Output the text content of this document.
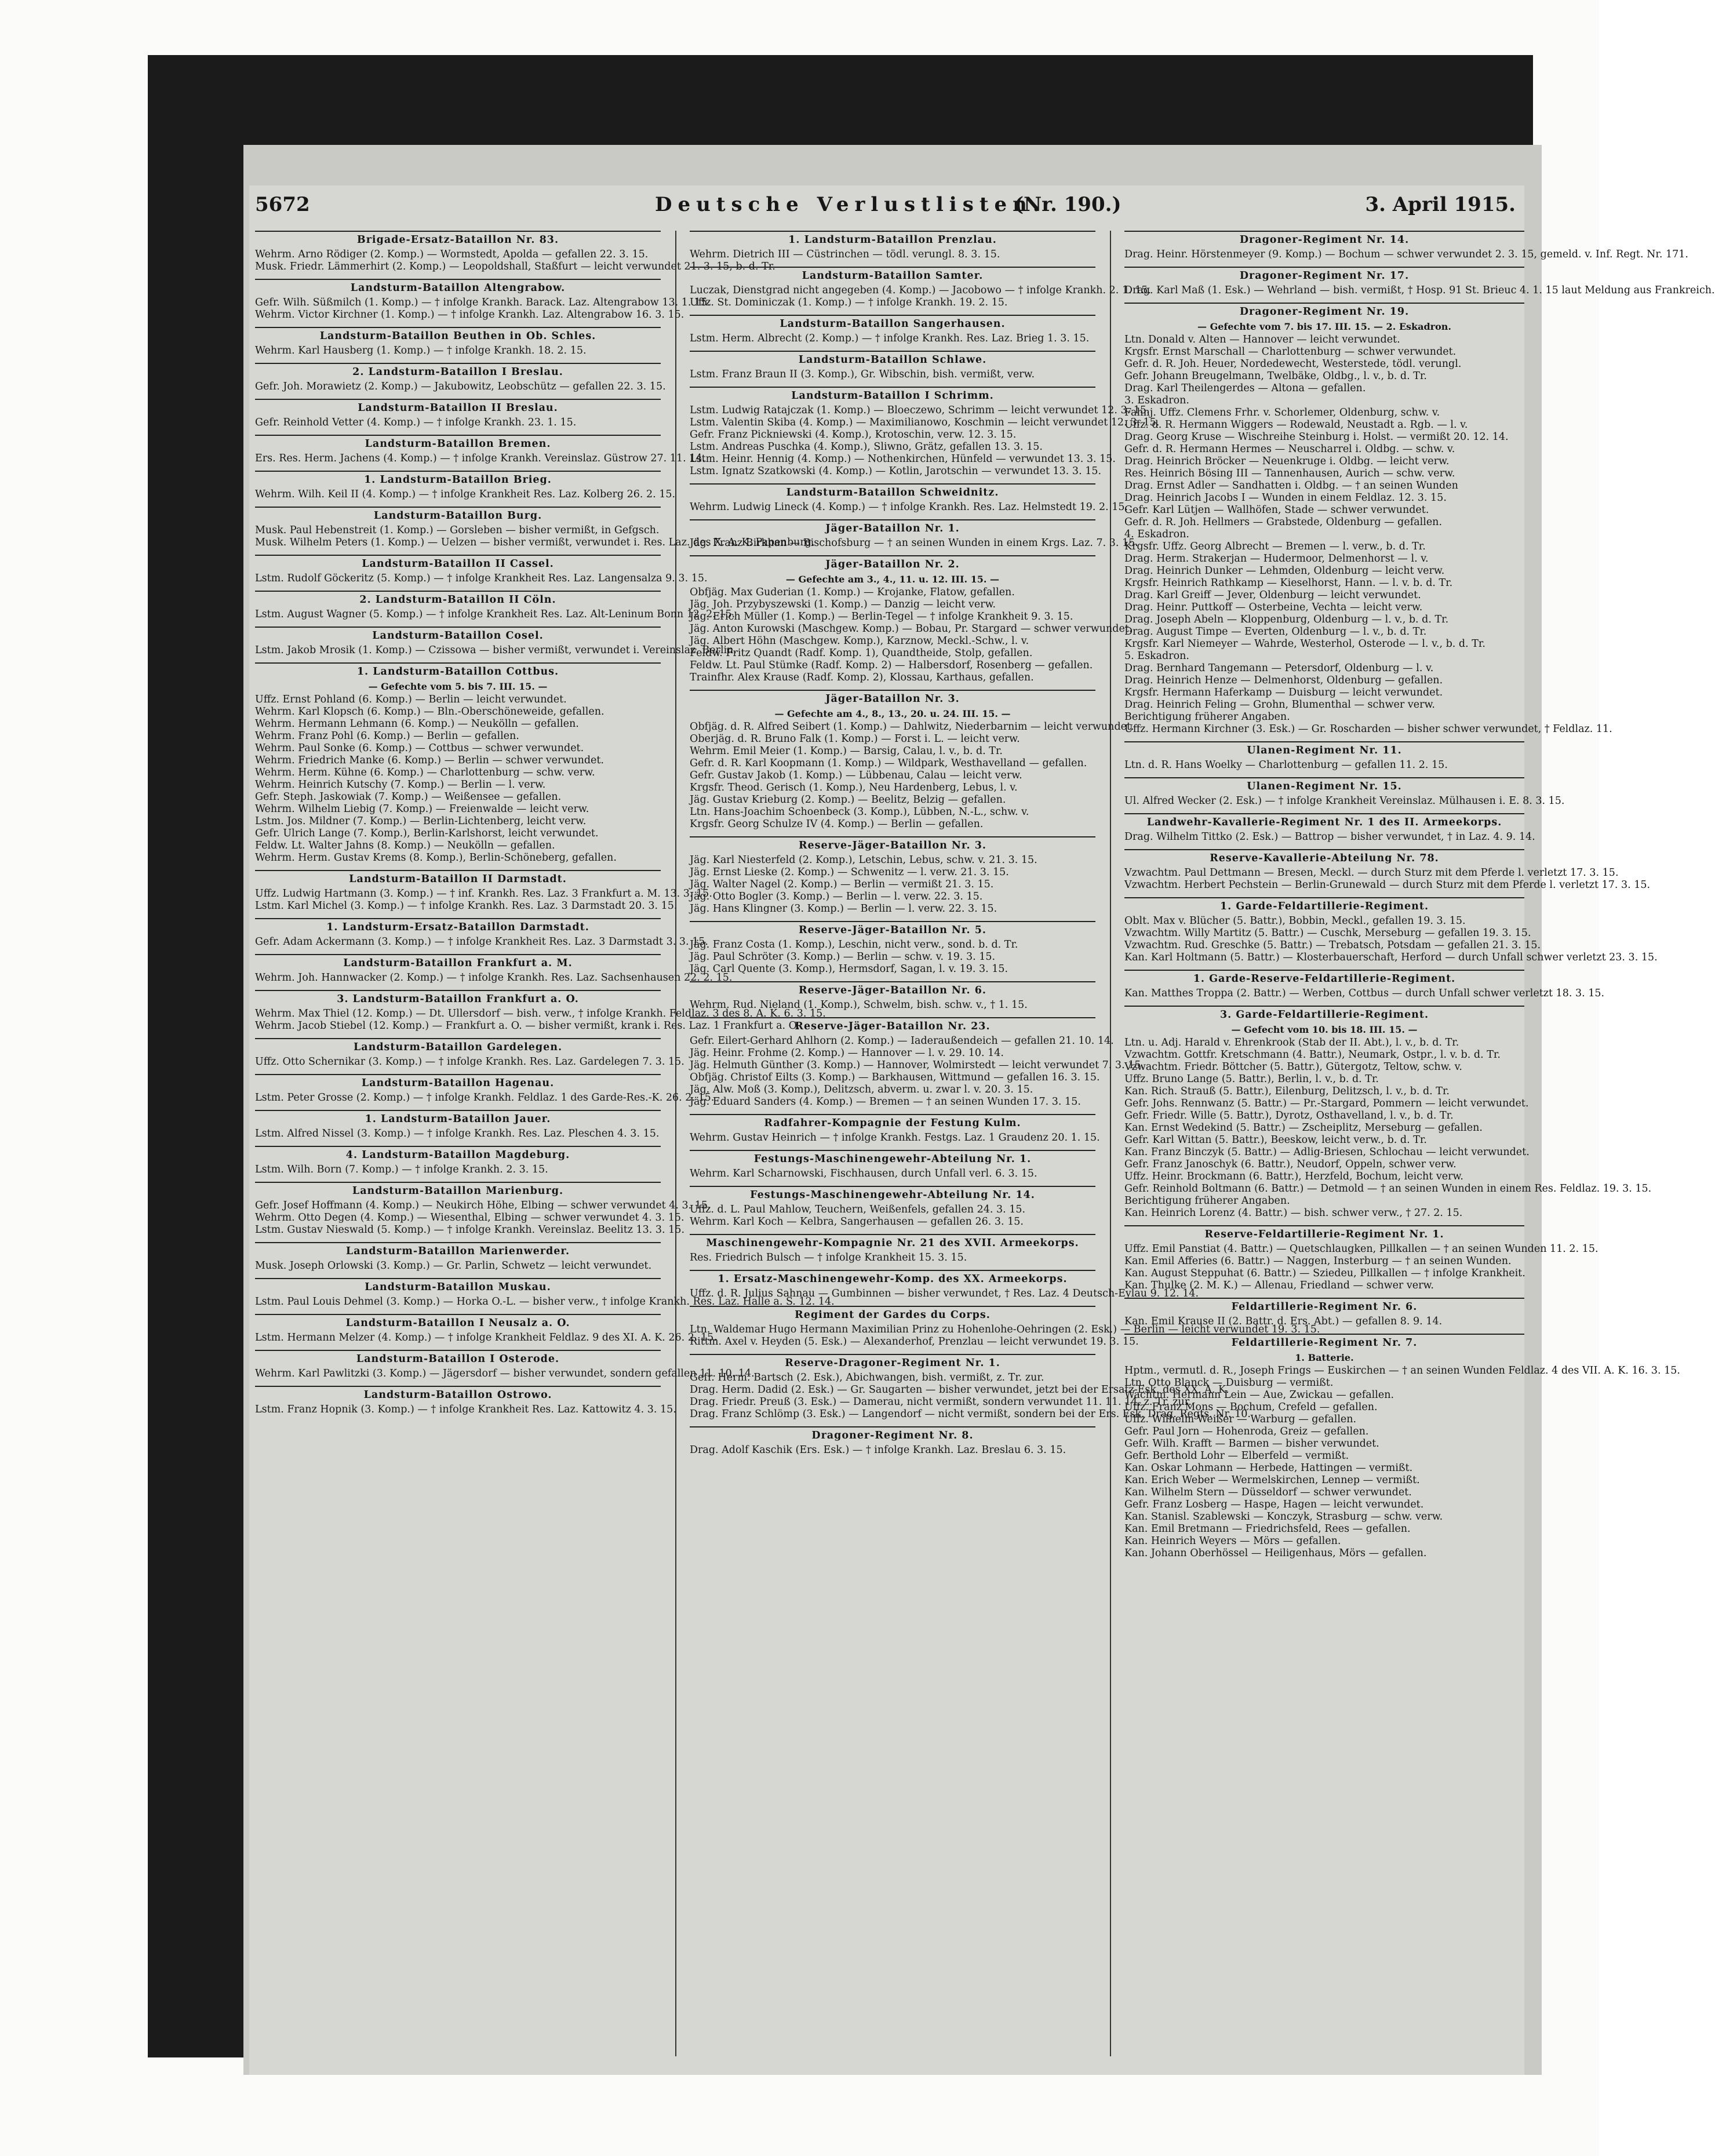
5672	Deutsche Verlustlisten.
(Nr. 190.)	3. April 1915.
Brigade-Ersatz-Bataillon Nr. 83.
Wehrm. Arno Rödiger (2. Komp.) — Wormstedt, Apolda — gefallen 22. 3. 15.
Musk. Friedr. Lämmerhirt (2. Komp.) — Leopoldshall, Staßfurt — leicht verwundet 21. 3. 15, b. d. Tr.
Landsturm-Bataillon Altengrabow.
Gefr. Wilh. Süßmilch (1. Komp.) — † infolge Krankh. Barack. Laz. Altengrabow 13. 1. 15.
Wehrm. Victor Kirchner (1. Komp.) — † infolge Krankh. Laz. Altengrabow 16. 3. 15.
Landsturm-Bataillon Beuthen in Ob. Schles.
Wehrm. Karl Hausberg (1. Komp.) — † infolge Krankh. 18. 2. 15.
2. Landsturm-Bataillon I Breslau.
Gefr. Joh. Morawietz (2. Komp.) — Jakubowitz, Leobschütz — gefallen 22. 3. 15.
Landsturm-Bataillon II Breslau.
Gefr. Reinhold Vetter (4. Komp.) — † infolge Krankh. 23. 1. 15.
Landsturm-Bataillon Bremen.
Ers. Res. Herm. Jachens (4. Komp.) — † infolge Krankh. Vereinslaz. Güstrow 27. 11. 14.
1. Landsturm-Bataillon Brieg.
Wehrm. Wilh. Keil II (4. Komp.) — † infolge Krankheit Res. Laz. Kolberg 26. 2. 15.
Landsturm-Bataillon Burg.
Musk. Paul Hebenstreit (1. Komp.) — Gorsleben — bisher vermißt, in Gefgsch.
Musk. Wilhelm Peters (1. Komp.) — Uelzen — bisher vermißt, verwundet i. Res. Laz. des X. A. K. Papenburg.
Landsturm-Bataillon II Cassel.
Lstm. Rudolf Göckeritz (5. Komp.) — † infolge Krankheit Res. Laz. Langensalza 9. 3. 15.
2. Landsturm-Bataillon II Cöln.
Lstm. August Wagner (5. Komp.) — † infolge Krankheit Res. Laz. Alt-Leninum Bonn 12. 2. 15.
Landsturm-Bataillon Cosel.
Lstm. Jakob Mrosik (1. Komp.) — Czissowa — bisher vermißt, verwundet i. Vereinslaz. Berlin.
1. Landsturm-Bataillon Cottbus.
— Gefechte vom 5. bis 7. III. 15. —
Uffz. Ernst Pohland (6. Komp.) — Berlin — leicht verwundet.
Wehrm. Karl Klopsch (6. Komp.) — Bln.-Oberschöneweide, gefallen.
Wehrm. Hermann Lehmann (6. Komp.) — Neukölln — gefallen.
Wehrm. Franz Pohl (6. Komp.) — Berlin — gefallen.
Wehrm. Paul Sonke (6. Komp.) — Cottbus — schwer verwundet.
Wehrm. Friedrich Manke (6. Komp.) — Berlin — schwer verwundet.
Wehrm. Herm. Kühne (6. Komp.) — Charlottenburg — schw. verw.
Wehrm. Heinrich Kutschy (7. Komp.) — Berlin — l. verw.
Gefr. Steph. Jaskowiak (7. Komp.) — Weißensee — gefallen.
Wehrm. Wilhelm Liebig (7. Komp.) — Freienwalde — leicht verw.
Lstm. Jos. Mildner (7. Komp.) — Berlin-Lichtenberg, leicht verw.
Gefr. Ulrich Lange (7. Komp.), Berlin-Karlshorst, leicht verwundet.
Feldw. Lt. Walter Jahns (8. Komp.) — Neukölln — gefallen.
Wehrm. Herm. Gustav Krems (8. Komp.), Berlin-Schöneberg, gefallen.
Landsturm-Bataillon II Darmstadt.
Uffz. Ludwig Hartmann (3. Komp.) — † inf. Krankh. Res. Laz. 3 Frankfurt a. M. 13. 3. 15.
Lstm. Karl Michel (3. Komp.) — † infolge Krankh. Res. Laz. 3 Darmstadt 20. 3. 15.
1. Landsturm-Ersatz-Bataillon Darmstadt.
Gefr. Adam Ackermann (3. Komp.) — † infolge Krankheit Res. Laz. 3 Darmstadt 3. 3. 15.
Landsturm-Bataillon Frankfurt a. M.
Wehrm. Joh. Hannwacker (2. Komp.) — † infolge Krankh. Res. Laz. Sachsenhausen 22. 2. 15.
3. Landsturm-Bataillon Frankfurt a. O.
Wehrm. Max Thiel (12. Komp.) — Dt. Ullersdorf — bish. verw., † infolge Krankh. Feldlaz. 3 des 8. A. K. 6. 3. 15.
Wehrm. Jacob Stiebel (12. Komp.) — Frankfurt a. O. — bisher vermißt, krank i. Res. Laz. 1 Frankfurt a. O.
Landsturm-Bataillon Gardelegen.
Uffz. Otto Schernikar (3. Komp.) — † infolge Krankh. Res. Laz. Gardelegen 7. 3. 15.
Landsturm-Bataillon Hagenau.
Lstm. Peter Grosse (2. Komp.) — † infolge Krankh. Feldlaz. 1 des Garde-Res.-K. 26. 2. 15.
1. Landsturm-Bataillon Jauer.
Lstm. Alfred Nissel (3. Komp.) — † infolge Krankh. Res. Laz. Pleschen 4. 3. 15.
4. Landsturm-Bataillon Magdeburg.
Lstm. Wilh. Born (7. Komp.) — † infolge Krankh. 2. 3. 15.
Landsturm-Bataillon Marienburg.
Gefr. Josef Hoffmann (4. Komp.) — Neukirch Höhe, Elbing — schwer verwundet 4. 3. 15.
Wehrm. Otto Degen (4. Komp.) — Wiesenthal, Elbing — schwer verwundet 4. 3. 15.
Lstm. Gustav Nieswald (5. Komp.) — † infolge Krankh. Vereinslaz. Beelitz 13. 3. 15.
Landsturm-Bataillon Marienwerder.
Musk. Joseph Orlowski (3. Komp.) — Gr. Parlin, Schwetz — leicht verwundet.
Landsturm-Bataillon Muskau.
Lstm. Paul Louis Dehmel (3. Komp.) — Horka O.-L. — bisher verw., † infolge Krankh. Res. Laz. Halle a. S. 12. 14.
Landsturm-Bataillon I Neusalz a. O.
Lstm. Hermann Melzer (4. Komp.) — † infolge Krankheit Feldlaz. 9 des XI. A. K. 26. 2. 15.
Landsturm-Bataillon I Osterode.
Wehrm. Karl Pawlitzki (3. Komp.) — Jägersdorf — bisher verwundet, sondern gefallen 11. 10. 14.
Landsturm-Bataillon Ostrowo.
Lstm. Franz Hopnik (3. Komp.) — † infolge Krankheit Res. Laz. Kattowitz 4. 3. 15.
1. Landsturm-Bataillon Prenzlau.
Wehrm. Dietrich III — Cüstrinchen — tödl. verungl. 8. 3. 15.
Landsturm-Bataillon Samter.
Luczak, Dienstgrad nicht angegeben (4. Komp.) — Jacobowo — † infolge Krankh. 2. 1. 15.
Uffz. St. Dominiczak (1. Komp.) — † infolge Krankh. 19. 2. 15.
Landsturm-Bataillon Sangerhausen.
Lstm. Herm. Albrecht (2. Komp.) — † infolge Krankh. Res. Laz. Brieg 1. 3. 15.
Landsturm-Bataillon Schlawe.
Lstm. Franz Braun II (3. Komp.), Gr. Wibschin, bish. vermißt, verw.
Landsturm-Bataillon I Schrimm.
Lstm. Ludwig Ratajczak (1. Komp.) — Bloeczewo, Schrimm — leicht verwundet 12. 3. 15.
Lstm. Valentin Skiba (4. Komp.) — Maximilianowo, Koschmin — leicht verwundet 12. 3. 15.
Gefr. Franz Pickniewski (4. Komp.), Krotoschin, verw. 12. 3. 15.
Lstm. Andreas Puschka (4. Komp.), Sliwno, Grätz, gefallen 13. 3. 15.
Lstm. Heinr. Hennig (4. Komp.) — Nothenkirchen, Hünfeld — verwundet 13. 3. 15.
Lstm. Ignatz Szatkowski (4. Komp.) — Kotlin, Jarotschin — verwundet 13. 3. 15.
Landsturm-Bataillon Schweidnitz.
Wehrm. Ludwig Lineck (4. Komp.) — † infolge Krankh. Res. Laz. Helmstedt 19. 2. 15.
Jäger-Bataillon Nr. 1.
Jäg. Franz Birkhan — Bischofsburg — † an seinen Wunden in einem Krgs. Laz. 7. 3. 15.
Jäger-Bataillon Nr. 2.
— Gefechte am 3., 4., 11. u. 12. III. 15. —
Obfjäg. Max Guderian (1. Komp.) — Krojanke, Flatow, gefallen.
Jäg. Joh. Przybyszewski (1. Komp.) — Danzig — leicht verw.
Jäg. Erich Müller (1. Komp.) — Berlin-Tegel — † infolge Krankheit 9. 3. 15.
Jäg. Anton Kurowski (Maschgew. Komp.) — Bobau, Pr. Stargard — schwer verwundet.
Jäg. Albert Höhn (Maschgew. Komp.), Karznow, Meckl.-Schw., l. v.
Feldw. Fritz Quandt (Radf. Komp. 1), Quandtheide, Stolp, gefallen.
Feldw. Lt. Paul Stümke (Radf. Komp. 2) — Halbersdorf, Rosenberg — gefallen.
Trainfhr. Alex Krause (Radf. Komp. 2), Klossau, Karthaus, gefallen.
Jäger-Bataillon Nr. 3.
— Gefechte am 4., 8., 13., 20. u. 24. III. 15. —
Obfjäg. d. R. Alfred Seibert (1. Komp.) — Dahlwitz, Niederbarnim — leicht verwundet.
Oberjäg. d. R. Bruno Falk (1. Komp.) — Forst i. L. — leicht verw.
Wehrm. Emil Meier (1. Komp.) — Barsig, Calau, l. v., b. d. Tr.
Gefr. d. R. Karl Koopmann (1. Komp.) — Wildpark, Westhavelland — gefallen.
Gefr. Gustav Jakob (1. Komp.) — Lübbenau, Calau — leicht verw.
Krgsfr. Theod. Gerisch (1. Komp.), Neu Hardenberg, Lebus, l. v.
Jäg. Gustav Krieburg (2. Komp.) — Beelitz, Belzig — gefallen.
Ltn. Hans-Joachim Schoenbeck (3. Komp.), Lübben, N.-L., schw. v.
Krgsfr. Georg Schulze IV (4. Komp.) — Berlin — gefallen.
Reserve-Jäger-Bataillon Nr. 3.
Jäg. Karl Niesterfeld (2. Komp.), Letschin, Lebus, schw. v. 21. 3. 15.
Jäg. Ernst Lieske (2. Komp.) — Schwenitz — l. verw. 21. 3. 15.
Jäg. Walter Nagel (2. Komp.) — Berlin — vermißt 21. 3. 15.
Jäg. Otto Bogler (3. Komp.) — Berlin — l. verw. 22. 3. 15.
Jäg. Hans Klingner (3. Komp.) — Berlin — l. verw. 22. 3. 15.
Reserve-Jäger-Bataillon Nr. 5.
Jäg. Franz Costa (1. Komp.), Leschin, nicht verw., sond. b. d. Tr.
Jäg. Paul Schröter (3. Komp.) — Berlin — schw. v. 19. 3. 15.
Jäg. Carl Quente (3. Komp.), Hermsdorf, Sagan, l. v. 19. 3. 15.
Reserve-Jäger-Bataillon Nr. 6.
Wehrm. Rud. Nieland (1. Komp.), Schwelm, bish. schw. v., † 1. 15.
Reserve-Jäger-Bataillon Nr. 23.
Gefr. Eilert-Gerhard Ahlhorn (2. Komp.) — Iaderaußendeich — gefallen 21. 10. 14.
Jäg. Heinr. Frohme (2. Komp.) — Hannover — l. v. 29. 10. 14.
Jäg. Helmuth Günther (3. Komp.) — Hannover, Wolmirstedt — leicht verwundet 7. 3. 15.
Obfjäg. Christof Eilts (3. Komp.) — Barkhausen, Wittmund — gefallen 16. 3. 15.
Jäg. Alw. Moß (3. Komp.), Delitzsch, abverm. u. zwar l. v. 20. 3. 15.
Jäg. Eduard Sanders (4. Komp.) — Bremen — † an seinen Wunden 17. 3. 15.
Radfahrer-Kompagnie der Festung Kulm.
Wehrm. Gustav Heinrich — † infolge Krankh. Festgs. Laz. 1 Graudenz 20. 1. 15.
Festungs-Maschinengewehr-Abteilung Nr. 1.
Wehrm. Karl Scharnowski, Fischhausen, durch Unfall verl. 6. 3. 15.
Festungs-Maschinengewehr-Abteilung Nr. 14.
Uffz. d. L. Paul Mahlow, Teuchern, Weißenfels, gefallen 24. 3. 15.
Wehrm. Karl Koch — Kelbra, Sangerhausen — gefallen 26. 3. 15.
Maschinengewehr-Kompagnie Nr. 21 des XVII. Armeekorps.
Res. Friedrich Bulsch — † infolge Krankheit 15. 3. 15.
1. Ersatz-Maschinengewehr-Komp. des XX. Armeekorps.
Uffz. d. R. Julius Sahnau — Gumbinnen — bisher verwundet, † Res. Laz. 4 Deutsch-Eylau 9. 12. 14.
Regiment der Gardes du Corps.
Ltn. Waldemar Hugo Hermann Maximilian Prinz zu Hohenlohe-Oehringen (2. Esk.) — Berlin — leicht verwundet 19. 3. 15.
Rittm. Axel v. Heyden (5. Esk.) — Alexanderhof, Prenzlau — leicht verwundet 19. 3. 15.
Reserve-Dragoner-Regiment Nr. 1.
Gefr. Herm. Bartsch (2. Esk.), Abichwangen, bish. vermißt, z. Tr. zur.
Drag. Herm. Dadid (2. Esk.) — Gr. Saugarten — bisher verwundet, jetzt bei der Ersatz-Esk. des XX. A. K.
Drag. Friedr. Preuß (3. Esk.) — Damerau, nicht vermißt, sondern verwundet 11. 11. 14, z. Tr. zur.
Drag. Franz Schlömp (3. Esk.) — Langendorf — nicht vermißt, sondern bei der Ers. Esk. Drag. Regts. Nr. 10.
Dragoner-Regiment Nr. 8.
Drag. Adolf Kaschik (Ers. Esk.) — † infolge Krankh. Laz. Breslau 6. 3. 15.
Dragoner-Regiment Nr. 14.
Drag. Heinr. Hörstenmeyer (9. Komp.) — Bochum — schwer verwundet 2. 3. 15, gemeld. v. Inf. Regt. Nr. 171.
Dragoner-Regiment Nr. 17.
Drag. Karl Maß (1. Esk.) — Wehrland — bish. vermißt, † Hosp. 91 St. Brieuc 4. 1. 15 laut Meldung aus Frankreich.
Dragoner-Regiment Nr. 19.
— Gefechte vom 7. bis 17. III. 15. — 2. Eskadron.
Ltn. Donald v. Alten — Hannover — leicht verwundet.
Krgsfr. Ernst Marschall — Charlottenburg — schwer verwundet.
Gefr. d. R. Joh. Heuer, Nordedewecht, Westerstede, tödl. verungl.
Gefr. Johann Breugelmann, Twelbäke, Oldbg., l. v., b. d. Tr.
Drag. Karl Theilengerdes — Altona — gefallen.
3. Eskadron.
Fahnj. Uffz. Clemens Frhr. v. Schorlemer, Oldenburg, schw. v.
Uffz. d. R. Hermann Wiggers — Rodewald, Neustadt a. Rgb. — l. v.
Drag. Georg Kruse — Wischreihe Steinburg i. Holst. — vermißt 20. 12. 14.
Gefr. d. R. Hermann Hermes — Neuscharrel i. Oldbg. — schw. v.
Drag. Heinrich Bröcker — Neuenkruge i. Oldbg. — leicht verw.
Res. Heinrich Bösing III — Tannenhausen, Aurich — schw. verw.
Drag. Ernst Adler — Sandhatten i. Oldbg. — † an seinen Wunden
Drag. Heinrich Jacobs I — Wunden in einem Feldlaz. 12. 3. 15.
Gefr. Karl Lütjen — Wallhöfen, Stade — schwer verwundet.
Gefr. d. R. Joh. Hellmers — Grabstede, Oldenburg — gefallen.
4. Eskadron.
Krgsfr. Uffz. Georg Albrecht — Bremen — l. verw., b. d. Tr.
Drag. Herm. Strakerjan — Hudermoor, Delmenhorst — l. v.
Drag. Heinrich Dunker — Lehmden, Oldenburg — leicht verw.
Krgsfr. Heinrich Rathkamp — Kieselhorst, Hann. — l. v. b. d. Tr.
Drag. Karl Greiff — Jever, Oldenburg — leicht verwundet.
Drag. Heinr. Puttkoff — Osterbeine, Vechta — leicht verw.
Drag. Joseph Abeln — Kloppenburg, Oldenburg — l. v., b. d. Tr.
Drag. August Timpe — Everten, Oldenburg — l. v., b. d. Tr.
Krgsfr. Karl Niemeyer — Wahrde, Westerhol, Osterode — l. v., b. d. Tr.
5. Eskadron.
Drag. Bernhard Tangemann — Petersdorf, Oldenburg — l. v.
Drag. Heinrich Henze — Delmenhorst, Oldenburg — gefallen.
Krgsfr. Hermann Haferkamp — Duisburg — leicht verwundet.
Drag. Heinrich Feling — Grohn, Blumenthal — schwer verw.
Berichtigung früherer Angaben.
Uffz. Hermann Kirchner (3. Esk.) — Gr. Roscharden — bisher schwer verwundet, † Feldlaz. 11.
Ulanen-Regiment Nr. 11.
Ltn. d. R. Hans Woelky — Charlottenburg — gefallen 11. 2. 15.
Ulanen-Regiment Nr. 15.
Ul. Alfred Wecker (2. Esk.) — † infolge Krankheit Vereinslaz. Mülhausen i. E. 8. 3. 15.
Landwehr-Kavallerie-Regiment Nr. 1 des II. Armeekorps.
Drag. Wilhelm Tittko (2. Esk.) — Battrop — bisher verwundet, † in Laz. 4. 9. 14.
Reserve-Kavallerie-Abteilung Nr. 78.
Vzwachtm. Paul Dettmann — Bresen, Meckl. — durch Sturz mit dem Pferde l. verletzt 17. 3. 15.
Vzwachtm. Herbert Pechstein — Berlin-Grunewald — durch Sturz mit dem Pferde l. verletzt 17. 3. 15.
1. Garde-Feldartillerie-Regiment.
Oblt. Max v. Blücher (5. Battr.), Bobbin, Meckl., gefallen 19. 3. 15.
Vzwachtm. Willy Martitz (5. Battr.) — Cuschk, Merseburg — gefallen 19. 3. 15.
Vzwachtm. Rud. Greschke (5. Battr.) — Trebatsch, Potsdam — gefallen 21. 3. 15.
Kan. Karl Holtmann (5. Battr.) — Klosterbauerschaft, Herford — durch Unfall schwer verletzt 23. 3. 15.
1. Garde-Reserve-Feldartillerie-Regiment.
Kan. Matthes Troppa (2. Battr.) — Werben, Cottbus — durch Unfall schwer verletzt 18. 3. 15.
3. Garde-Feldartillerie-Regiment.
— Gefecht vom 10. bis 18. III. 15. —
Ltn. u. Adj. Harald v. Ehrenkrook (Stab der II. Abt.), l. v., b. d. Tr.
Vzwachtm. Gottfr. Kretschmann (4. Battr.), Neumark, Ostpr., l. v. b. d. Tr.
Vzwachtm. Friedr. Böttcher (5. Battr.), Gütergotz, Teltow, schw. v.
Uffz. Bruno Lange (5. Battr.), Berlin, l. v., b. d. Tr.
Kan. Rich. Strauß (5. Battr.), Eilenburg, Delitzsch, l. v., b. d. Tr.
Gefr. Johs. Rennwanz (5. Battr.) — Pr.-Stargard, Pommern — leicht verwundet.
Gefr. Friedr. Wille (5. Battr.), Dyrotz, Osthavelland, l. v., b. d. Tr.
Kan. Ernst Wedekind (5. Battr.) — Zscheiplitz, Merseburg — gefallen.
Gefr. Karl Wittan (5. Battr.), Beeskow, leicht verw., b. d. Tr.
Kan. Franz Binczyk (5. Battr.) — Adlig-Briesen, Schlochau — leicht verwundet.
Gefr. Franz Janoschyk (6. Battr.), Neudorf, Oppeln, schwer verw.
Uffz. Heinr. Brockmann (6. Battr.), Herzfeld, Bochum, leicht verw.
Gefr. Reinhold Boltmann (6. Battr.) — Detmold — † an seinen Wunden in einem Res. Feldlaz. 19. 3. 15.
Berichtigung früherer Angaben.
Kan. Heinrich Lorenz (4. Battr.) — bish. schwer verw., † 27. 2. 15.
Reserve-Feldartillerie-Regiment Nr. 1.
Uffz. Emil Panstiat (4. Battr.) — Quetschlaugken, Pillkallen — † an seinen Wunden 11. 2. 15.
Kan. Emil Afferies (6. Battr.) — Naggen, Insterburg — † an seinen Wunden.
Kan. August Steppuhat (6. Battr.) — Sziedeu, Pillkallen — † infolge Krankheit.
Kan. Thulke (2. M. K.) — Allenau, Friedland — schwer verw.
Feldartillerie-Regiment Nr. 6.
Kan. Emil Krause II (2. Battr. d. Ers. Abt.) — gefallen 8. 9. 14.
Feldartillerie-Regiment Nr. 7.
1. Batterie.
Hptm., vermutl. d. R., Joseph Frings — Euskirchen — † an seinen Wunden Feldlaz. 4 des VII. A. K. 16. 3. 15.
Ltn. Otto Blanck — Duisburg — vermißt.
Wachtm. Hermann Lein — Aue, Zwickau — gefallen.
Uffz. Franz Mons — Bochum, Crefeld — gefallen.
Uffz. Wilhelm Weißer — Warburg — gefallen.
Gefr. Paul Jorn — Hohenroda, Greiz — gefallen.
Gefr. Wilh. Krafft — Barmen — bisher verwundet.
Gefr. Berthold Lohr — Elberfeld — vermißt.
Kan. Oskar Lohmann — Herbede, Hattingen — vermißt.
Kan. Erich Weber — Wermelskirchen, Lennep — vermißt.
Kan. Wilhelm Stern — Düsseldorf — schwer verwundet.
Gefr. Franz Losberg — Haspe, Hagen — leicht verwundet.
Kan. Stanisl. Szablewski — Konczyk, Strasburg — schw. verw.
Kan. Emil Bretmann — Friedrichsfeld, Rees — gefallen.
Kan. Heinrich Weyers — Mörs — gefallen.
Kan. Johann Oberhössel — Heiligenhaus, Mörs — gefallen.
